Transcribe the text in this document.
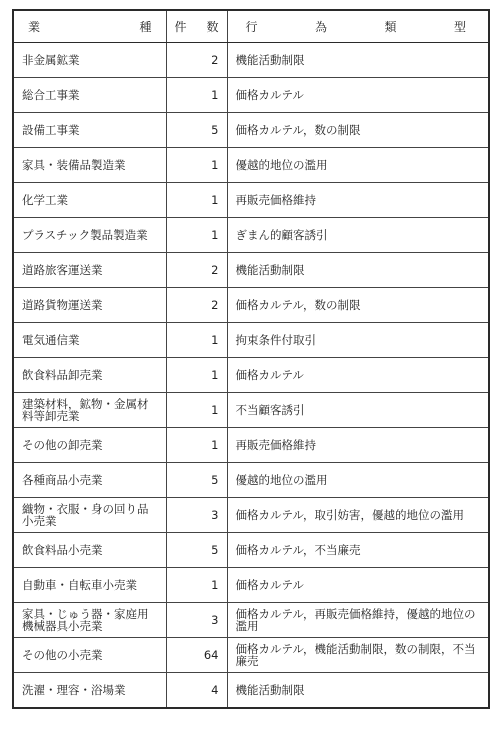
業　　　　種	件数	行　為　類　型

非金属鉱業	2	機能活動制限

総合工事業	1	価格カルテル

設備工事業	5	価格カルテル，数の制限

家具・装備品製造業	1	優越的地位の濫用

化学工業	1	再販売価格維持

プラスチック製品製造業	1	ぎまん的顧客誘引

道路旅客運送業	2	機能活動制限

道路貨物運送業	2	価格カルテル，数の制限

電気通信業	1	拘束条件付取引

飲食料品卸売業	1	価格カルテル

建築材料，鉱物・金属材料等卸売業	1	不当顧客誘引

その他の卸売業	1	再販売価格維持

各種商品小売業	5	優越的地位の濫用

織物・衣服・身の回り品小売業	3	価格カルテル，取引妨害，優越的地位の濫用

飲食料品小売業	5	価格カルテル，不当廉売

自動車・自転車小売業	1	価格カルテル

家具・じゅう器・家庭用機械器具小売業	3	価格カルテル，再販売価格維持，優越的地位の濫用

その他の小売業	64	価格カルテル，機能活動制限，数の制限，不当廉売

洗濯・理容・浴場業	4	機能活動制限
